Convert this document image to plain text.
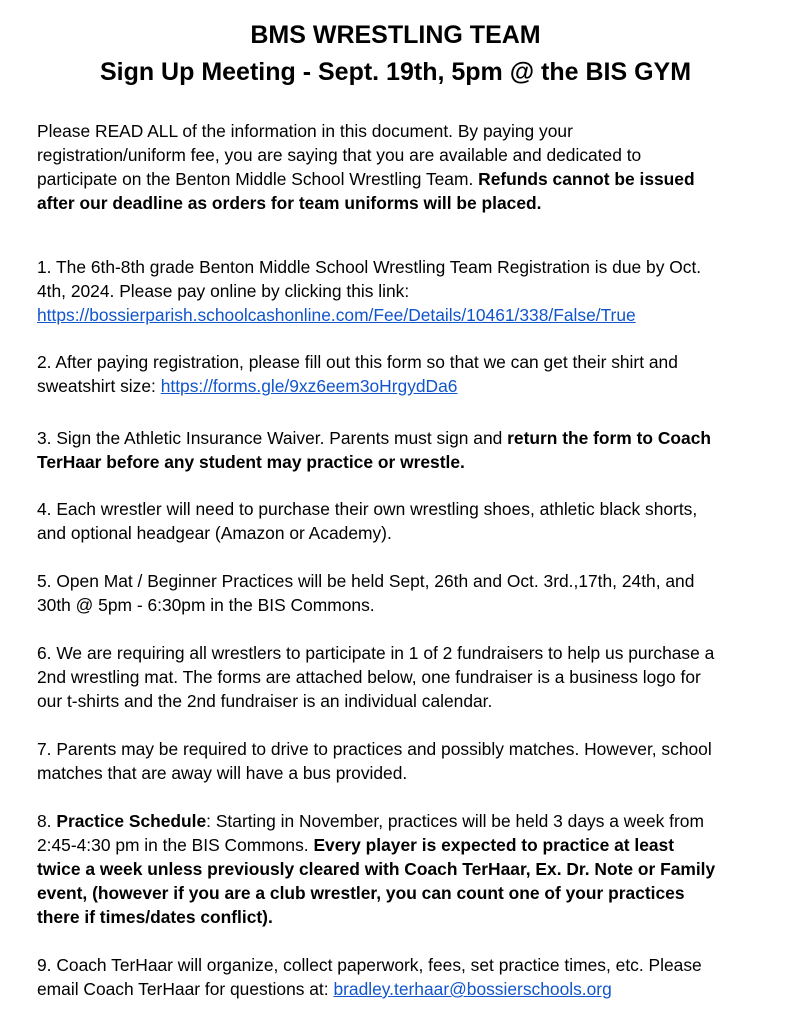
BMS WRESTLING TEAM
Sign Up Meeting - Sept. 19th, 5pm @ the BIS GYM
Please READ ALL of the information in this document. By paying your
registration/uniform fee, you are saying that you are available and dedicated to
participate on the Benton Middle School Wrestling Team. Refunds cannot be issued
after our deadline as orders for team uniforms will be placed.
1. The 6th-8th grade Benton Middle School Wrestling Team Registration is due by Oct.
4th, 2024. Please pay online by clicking this link:
https://bossierparish.schoolcashonline.com/Fee/Details/10461/338/False/True
2. After paying registration, please fill out this form so that we can get their shirt and
sweatshirt size: https://forms.gle/9xz6eem3oHrgydDa6
3. Sign the Athletic Insurance Waiver. Parents must sign and return the form to Coach
TerHaar before any student may practice or wrestle.
4. Each wrestler will need to purchase their own wrestling shoes, athletic black shorts,
and optional headgear (Amazon or Academy).
5. Open Mat / Beginner Practices will be held Sept, 26th and Oct. 3rd.,17th, 24th, and
30th @ 5pm - 6:30pm in the BIS Commons.
6. We are requiring all wrestlers to participate in 1 of 2 fundraisers to help us purchase a
2nd wrestling mat. The forms are attached below, one fundraiser is a business logo for
our t-shirts and the 2nd fundraiser is an individual calendar.
7. Parents may be required to drive to practices and possibly matches. However, school
matches that are away will have a bus provided.
8. Practice Schedule: Starting in November, practices will be held 3 days a week from
2:45-4:30 pm in the BIS Commons. Every player is expected to practice at least
twice a week unless previously cleared with Coach TerHaar, Ex. Dr. Note or Family
event, (however if you are a club wrestler, you can count one of your practices
there if times/dates conflict).
9. Coach TerHaar will organize, collect paperwork, fees, set practice times, etc. Please
email Coach TerHaar for questions at: bradley.terhaar@bossierschools.org
